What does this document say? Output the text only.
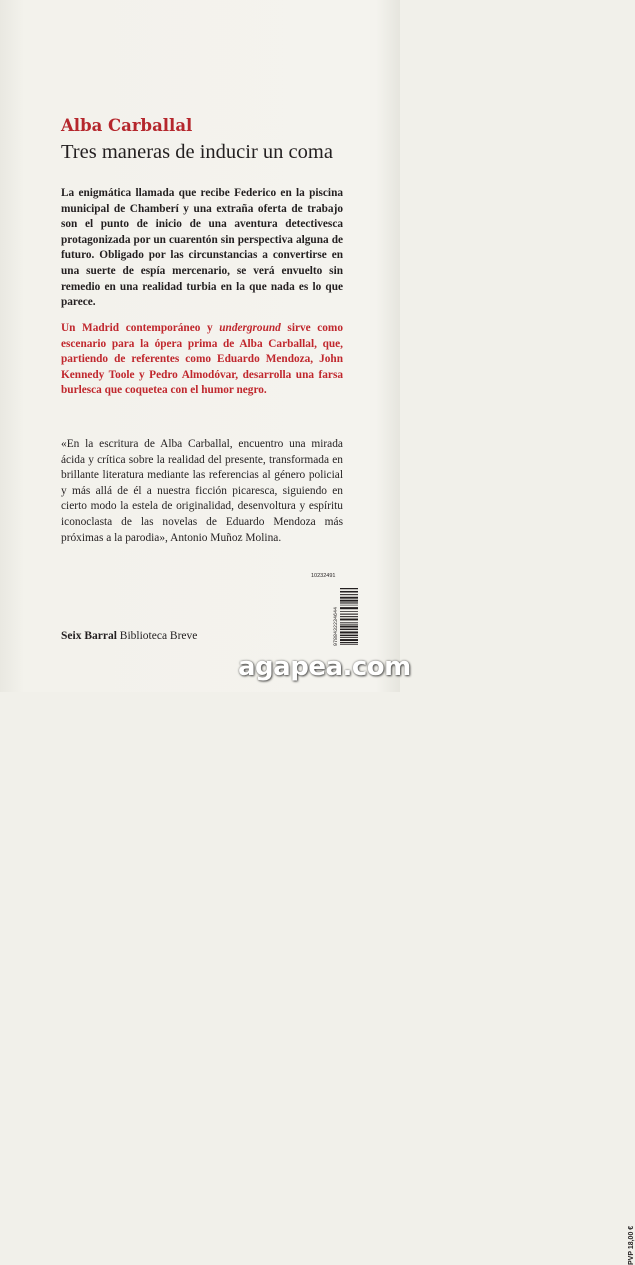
Alba Carballal
Tres maneras de inducir un coma

La enigmática llamada que recibe Federico en la piscina municipal de Chamberí y una extraña oferta de trabajo son el punto de inicio de una aventura detectivesca protagonizada por un cuarentón sin perspectiva alguna de futuro. Obligado por las circunstancias a convertirse en una suerte de espía mercenario, se verá envuelto sin remedio en una realidad turbia en la que nada es lo que parece.

Un Madrid contemporáneo y underground sirve como escenario para la ópera prima de Alba Carballal, que, partiendo de referentes como Eduardo Mendoza, John Kennedy Toole y Pedro Almodóvar, desarrolla una farsa burlesca que coquetea con el humor negro.

«En la escritura de Alba Carballal, encuentro una mirada ácida y crítica sobre la realidad del presente, transformada en brillante literatura mediante las referencias al género policial y más allá de él a nuestra ficción picaresca, siguiendo en cierto modo la estela de originalidad, desenvoltura y espíritu iconoclasta de las novelas de Eduardo Mendoza más próximas a la parodia», Antonio Muñoz Molina.

10232491
PVP 18,00 €
9788432234644
Seix Barral Biblioteca Breve
agapea.com
